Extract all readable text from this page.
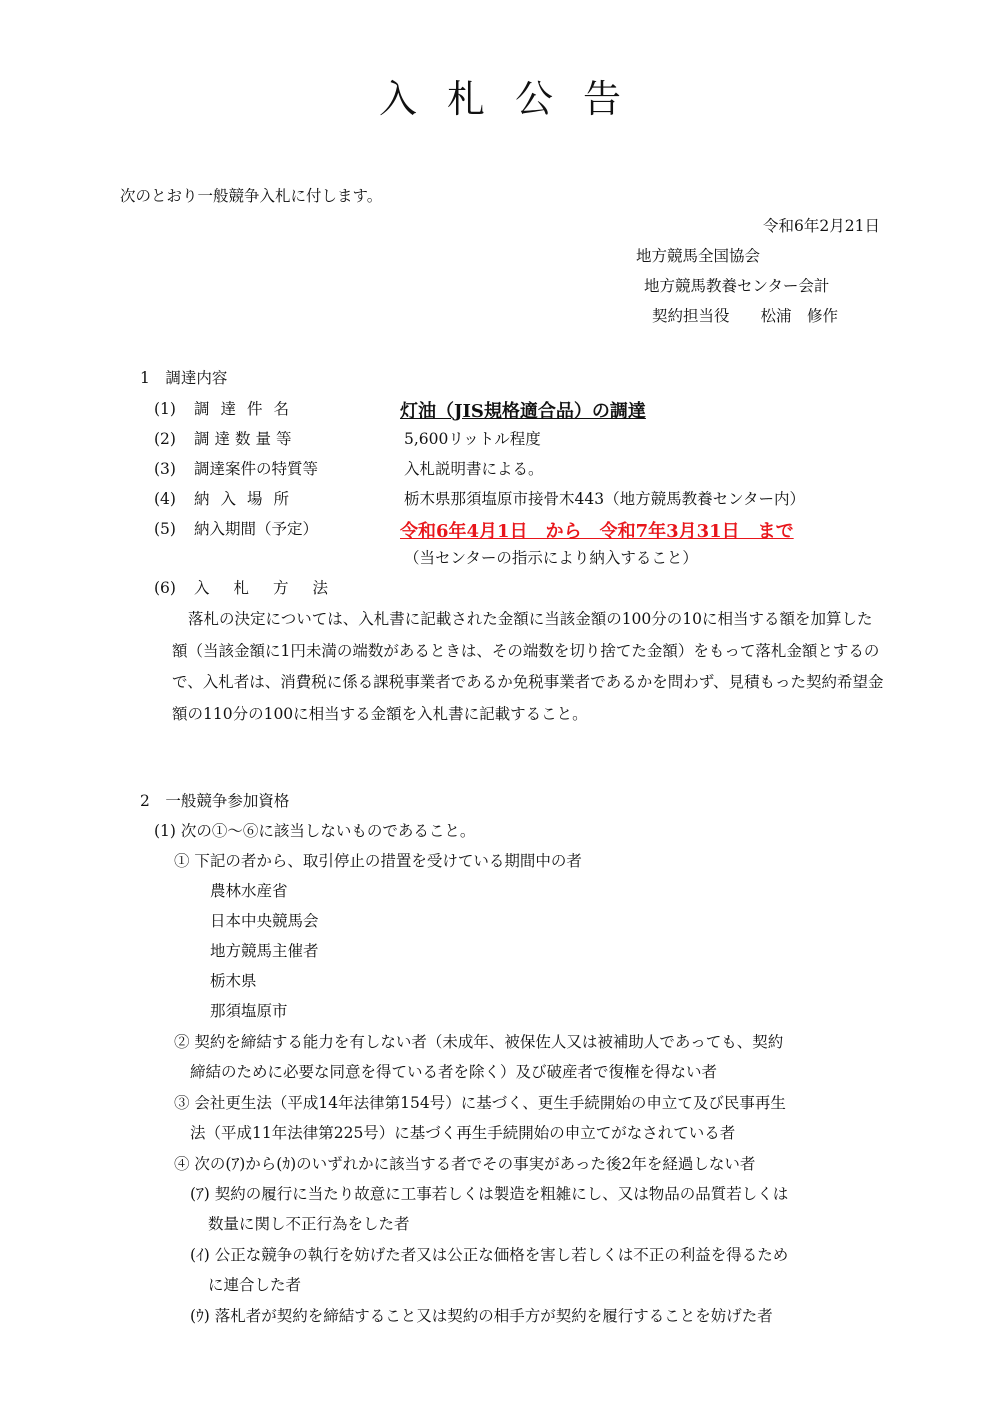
入札公告
次のとおり一般競争入札に付します。
令和6年2月21日
地方競馬全国協会
地方競馬教養センター会計
契約担当役　　松浦　修作
1　調達内容
(1) 調達件名	灯油（JIS規格適合品）の調達
(2) 調達数量等	5,600リットル程度
(3) 調達案件の特質等	入札説明書による。
(4) 納入場所	栃木県那須塩原市接骨木443（地方競馬教養センター内）
(5) 納入期間（予定）	令和6年4月1日　から　令和7年3月31日　まで
（当センターの指示により納入すること）
(6) 入札方法
落札の決定については、入札書に記載された金額に当該金額の100分の10に相当する額を加算した額（当該金額に1円未満の端数があるときは、その端数を切り捨てた金額）をもって落札金額とするので、入札者は、消費税に係る課税事業者であるか免税事業者であるかを問わず、見積もった契約希望金額の110分の100に相当する金額を入札書に記載すること。
2　一般競争参加資格
(1) 次の①～⑥に該当しないものであること。
① 下記の者から、取引停止の措置を受けている期間中の者
農林水産省
日本中央競馬会
地方競馬主催者
栃木県
那須塩原市
② 契約を締結する能力を有しない者（未成年、被保佐人又は被補助人であっても、契約
締結のために必要な同意を得ている者を除く）及び破産者で復権を得ない者
③ 会社更生法（平成14年法律第154号）に基づく、更生手続開始の申立て及び民事再生
法（平成11年法律第225号）に基づく再生手続開始の申立てがなされている者
④ 次の(ｱ)から(ｶ)のいずれかに該当する者でその事実があった後2年を経過しない者
(ｱ) 契約の履行に当たり故意に工事若しくは製造を粗雑にし、又は物品の品質若しくは
数量に関し不正行為をした者
(ｲ) 公正な競争の執行を妨げた者又は公正な価格を害し若しくは不正の利益を得るため
に連合した者
(ｳ) 落札者が契約を締結すること又は契約の相手方が契約を履行することを妨げた者
